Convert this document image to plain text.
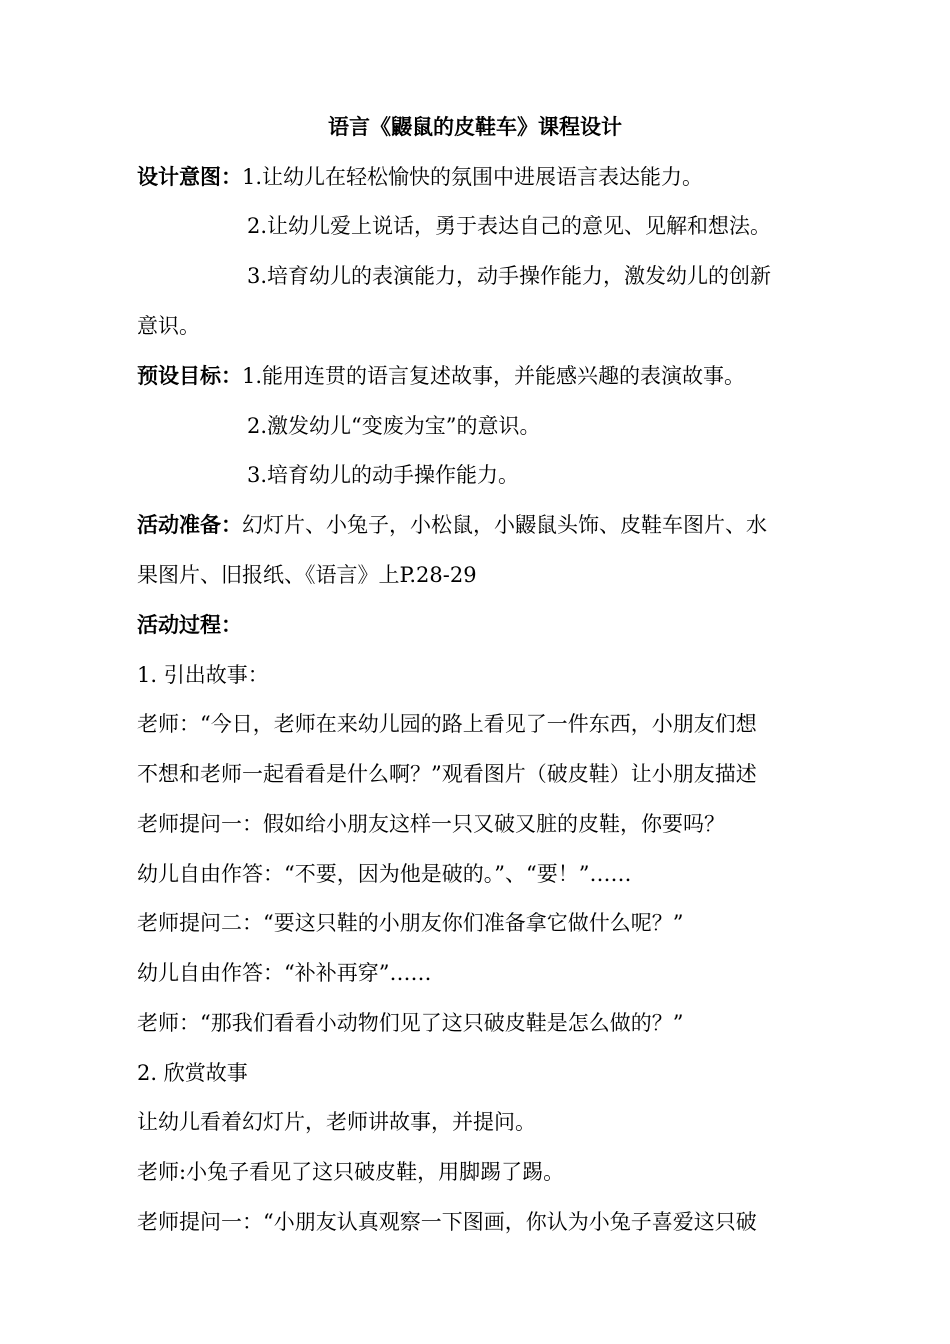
语言《鼹鼠的皮鞋车》课程设计
设计意图：1.让幼儿在轻松愉快的氛围中进展语言表达能力。
2.让幼儿爱上说话，勇于表达自己的意见、见解和想法。
3.培育幼儿的表演能力，动手操作能力，激发幼儿的创新
意识。
预设目标：1.能用连贯的语言复述故事，并能感兴趣的表演故事。
2.激发幼儿“变废为宝”的意识。
3.培育幼儿的动手操作能力。
活动准备：幻灯片、小兔子，小松鼠，小鼹鼠头饰、皮鞋车图片、水
果图片、旧报纸、《语言》上P.28-29
活动过程：
1. 引出故事：
老师：“今日，老师在来幼儿园的路上看见了一件东西，小朋友们想
不想和老师一起看看是什么啊？”观看图片（破皮鞋）让小朋友描述
老师提问一：假如给小朋友这样一只又破又脏的皮鞋，你要吗？
幼儿自由作答：“不要，因为他是破的。”、“要！”……
老师提问二：“要这只鞋的小朋友你们准备拿它做什么呢？”
幼儿自由作答：“补补再穿”……
老师：“那我们看看小动物们见了这只破皮鞋是怎么做的？”
2. 欣赏故事
让幼儿看着幻灯片，老师讲故事，并提问。
老师:小兔子看见了这只破皮鞋，用脚踢了踢。
老师提问一：“小朋友认真观察一下图画，你认为小兔子喜爱这只破
